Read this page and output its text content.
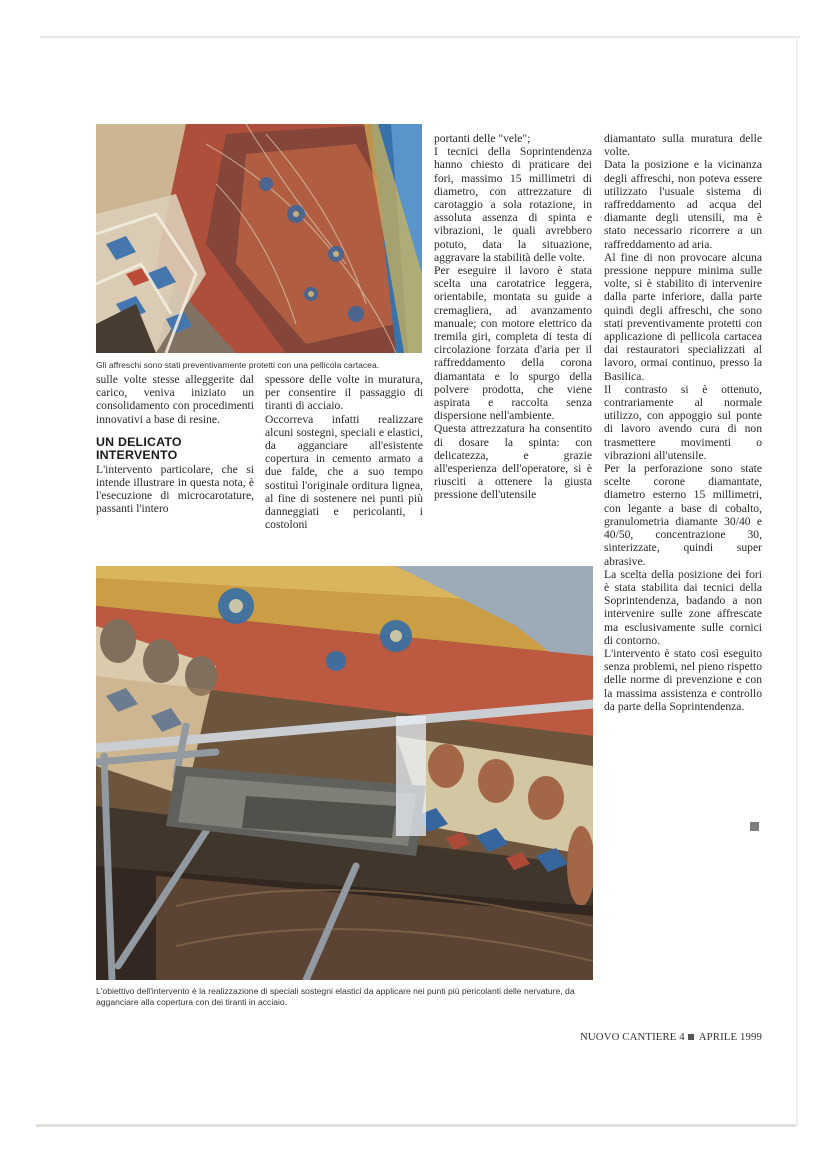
Gli affreschi sono stati preventivamente protetti con una pellicola cartacea.

sulle volte stesse alleggerite dal carico, veniva iniziato un consolidamento con procedimenti innovativi a base di resine.

UN DELICATO
INTERVENTO

L'intervento particolare, che si intende illustrare in questa nota, è l'esecuzione di microcarotature, passanti l'intero

spessore delle volte in muratura, per consentire il passaggio di tiranti di acciaio.

Occorreva infatti realizzare alcuni sostegni, speciali e elastici, da agganciare all'esistente copertura in cemento armato a due falde, che a suo tempo sostituì l'originale orditura lignea, al fine di sostenere nei punti più danneggiati e pericolanti, i costoloni

portanti delle "vele";

I tecnici della Soprintendenza hanno chiesto di praticare dei fori, massimo 15 millimetri di diametro, con attrezzature di carotaggio a sola rotazione, in assoluta assenza di spinta e vibrazioni, le quali avrebbero potuto, data la situazione, aggravare la stabilità delle volte.

Per eseguire il lavoro è stata scelta una carotatrice leggera, orientabile, montata su guide a cremagliera, ad avanzamento manuale; con motore elettrico da tremila giri, completa di testa di circolazione forzata d'aria per il raffreddamento della corona diamantata e lo spurgo della polvere prodotta, che viene aspirata e raccolta senza dispersione nell'ambiente.

Questa attrezzatura ha consentito di dosare la spinta: con delicatezza, e grazie all'esperienza dell'operatore, si è riusciti a ottenere la giusta pressione dell'utensile

diamantato sulla muratura delle volte.

Data la posizione e la vicinanza degli affreschi, non poteva essere utilizzato l'usuale sistema di raffreddamento ad acqua del diamante degli utensili, ma è stato necessario ricorrere a un raffreddamento ad aria.

Al fine di non provocare alcuna pressione neppure minima sulle volte, si è stabilito di intervenire dalla parte inferiore, dalla parte quindi degli affreschi, che sono stati preventivamente protetti con applicazione di pellicola cartacea dai restauratori specializzati al lavoro, ormai continuo, presso la Basilica.

Il contrasto si è ottenuto, contrariamente al normale utilizzo, con appoggio sul ponte di lavoro avendo cura di non trasmettere movimenti o vibrazioni all'utensile.

Per la perforazione sono state scelte corone diamantate, diametro esterno 15 millimetri, con legante a base di cobalto, granulometria diamante 30/40 e 40/50, concentrazione 30, sinterizzate, quindi super abrasive.

La scelta della posizione dei fori è stata stabilita dai tecnici della Soprintendenza, badando a non intervenire sulle zone affrescate ma esclusivamente sulle cornici di contorno.

L'intervento è stato così eseguito senza problemi, nel pieno rispetto delle norme di prevenzione e con la massima assistenza e controllo da parte della Soprintendenza.

L'obiettivo dell'intervento è la realizzazione di speciali sostegni elastici da applicare nei punti più pericolanti delle nervature, da agganciare alla copertura con dei tiranti in acciaio.
NUOVO CANTIERE 4 APRILE 1999
